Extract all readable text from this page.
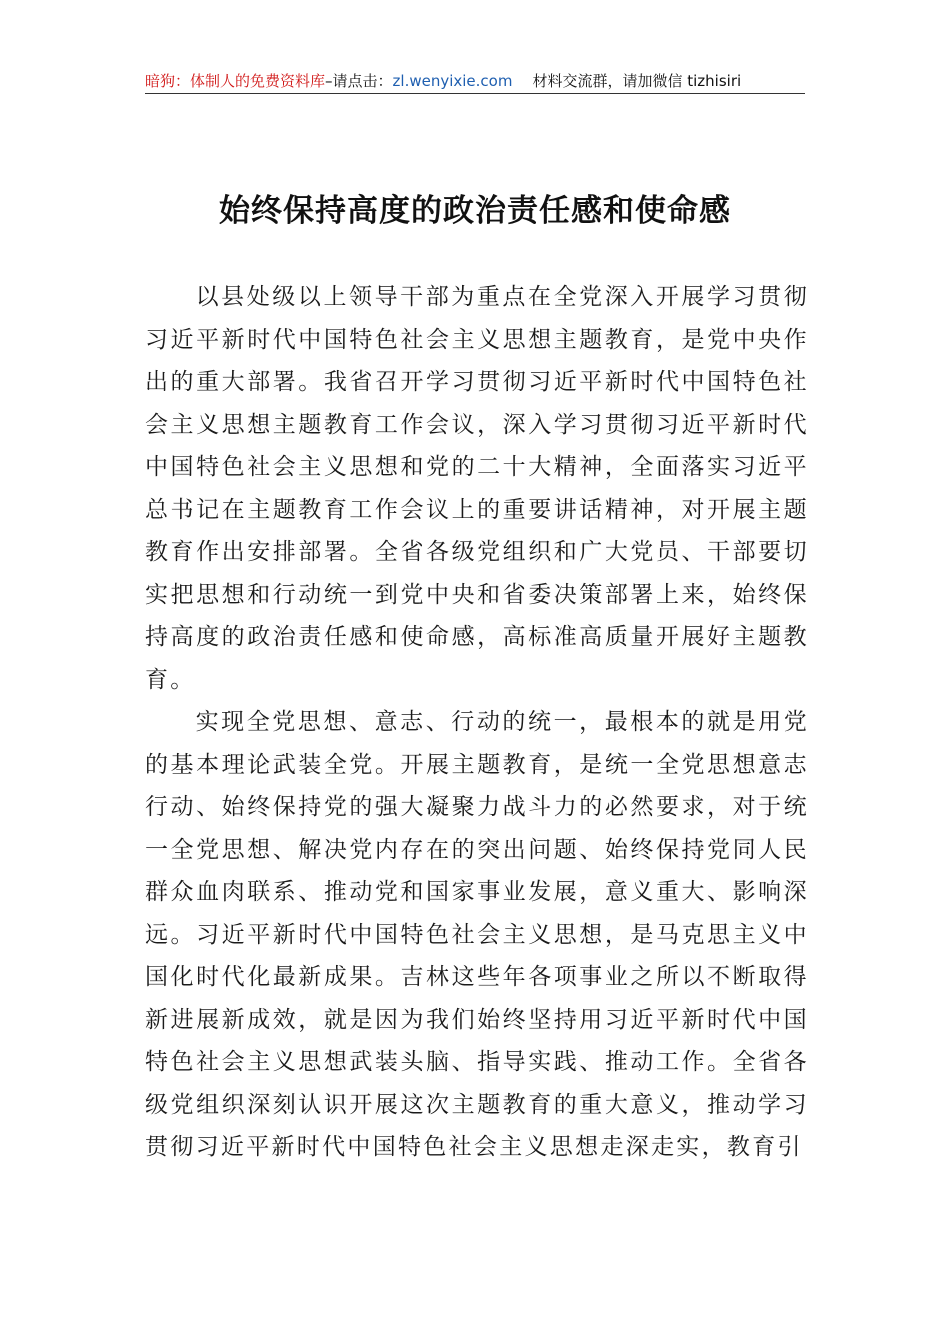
暗狗：体制人的免费资料库–请点击：zl.wenyixie.com 材料交流群，请加微信 tizhisiri
始终保持高度的政治责任感和使命感

以县处级以上领导干部为重点在全党深入开展学习贯彻习近平新时代中国特色社会主义思想主题教育，是党中央作出的重大部署。我省召开学习贯彻习近平新时代中国特色社会主义思想主题教育工作会议，深入学习贯彻习近平新时代中国特色社会主义思想和党的二十大精神，全面落实习近平总书记在主题教育工作会议上的重要讲话精神，对开展主题教育作出安排部署。全省各级党组织和广大党员、干部要切实把思想和行动统一到党中央和省委决策部署上来，始终保持高度的政治责任感和使命感，高标准高质量开展好主题教育。

实现全党思想、意志、行动的统一，最根本的就是用党的基本理论武装全党。开展主题教育，是统一全党思想意志行动、始终保持党的强大凝聚力战斗力的必然要求，对于统一全党思想、解决党内存在的突出问题、始终保持党同人民群众血肉联系、推动党和国家事业发展，意义重大、影响深远。习近平新时代中国特色社会主义思想，是马克思主义中国化时代化最新成果。吉林这些年各项事业之所以不断取得新进展新成效，就是因为我们始终坚持用习近平新时代中国特色社会主义思想武装头脑、指导实践、推动工作。全省各级党组织深刻认识开展这次主题教育的重大意义，推动学习贯彻习近平新时代中国特色社会主义思想走深走实，教育引
